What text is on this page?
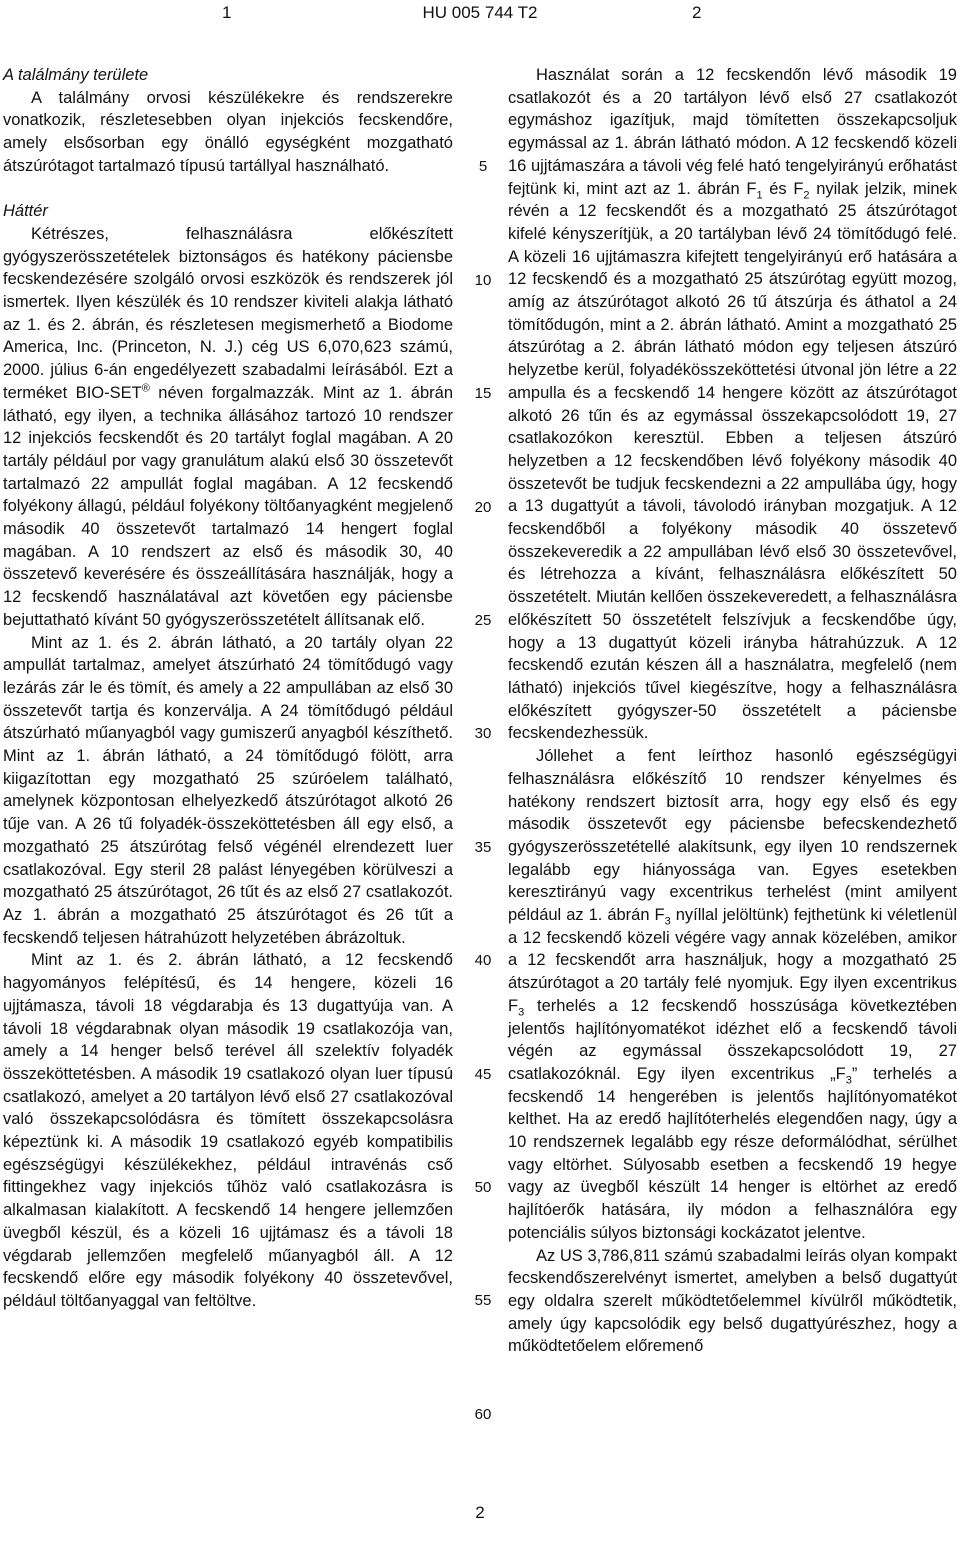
1	HU 005 744 T2	2

A találmány területe

A találmány orvosi készülékekre és rendszerekre vonatkozik, részletesebben olyan injekciós fecskendőre, amely elsősorban egy önálló egységként mozgatható átszúrótagot tartalmazó típusú tartállyal használható.

Háttér

Kétrészes, felhasználásra előkészített gyógyszerösszetételek biztonságos és hatékony páciensbe fecskendezésére szolgáló orvosi eszközök és rendszerek jól ismertek. Ilyen készülék és 10 rendszer kiviteli alakja látható az 1. és 2. ábrán, és részletesen megismerhető a Biodome America, Inc. (Princeton, N. J.) cég US 6,070,623 számú, 2000. július 6-án engedélyezett szabadalmi leírásából. Ezt a terméket BIO-SET® néven forgalmazzák. Mint az 1. ábrán látható, egy ilyen, a technika állásához tartozó 10 rendszer 12 injekciós fecskendőt és 20 tartályt foglal magában. A 20 tartály például por vagy granulátum alakú első 30 összetevőt tartalmazó 22 ampullát foglal magában. A 12 fecskendő folyékony állagú, például folyékony töltőanyagként megjelenő második 40 összetevőt tartalmazó 14 hengert foglal magában. A 10 rendszert az első és második 30, 40 összetevő keverésére és összeállítására használják, hogy a 12 fecskendő használatával azt követően egy páciensbe bejuttatható kívánt 50 gyógyszerösszetételt állítsanak elő.

Mint az 1. és 2. ábrán látható, a 20 tartály olyan 22 ampullát tartalmaz, amelyet átszúrható 24 tömítődugó vagy lezárás zár le és tömít, és amely a 22 ampullában az első 30 összetevőt tartja és konzerválja. A 24 tömítődugó például átszúrható műanyagból vagy gumiszerű anyagból készíthető. Mint az 1. ábrán látható, a 24 tömítődugó fölött, arra kiigazítottan egy mozgatható 25 szúróelem található, amelynek központosan elhelyezkedő átszúrótagot alkotó 26 tűje van. A 26 tű folyadék-összeköttetésben áll egy első, a mozgatható 25 átszúrótag felső végénél elrendezett luer csatlakozóval. Egy steril 28 palást lényegében körülveszi a mozgatható 25 átszúrótagot, 26 tűt és az első 27 csatlakozót. Az 1. ábrán a mozgatható 25 átszúrótagot és 26 tűt a fecskendő teljesen hátrahúzott helyzetében ábrázoltuk.

Mint az 1. és 2. ábrán látható, a 12 fecskendő hagyományos felépítésű, és 14 hengere, közeli 16 ujjtámasza, távoli 18 végdarabja és 13 dugattyúja van. A távoli 18 végdarabnak olyan második 19 csatlakozója van, amely a 14 henger belső terével áll szelektív folyadék összeköttetésben. A második 19 csatlakozó olyan luer típusú csatlakozó, amelyet a 20 tartályon lévő első 27 csatlakozóval való összekapcsolódásra és tömített összekapcsolásra képeztünk ki. A második 19 csatlakozó egyéb kompatibilis egészségügyi készülékekhez, például intravénás cső fittingekhez vagy injekciós tűhöz való csatlakozásra is alkalmasan kialakított. A fecskendő 14 hengere jellemzően üvegből készül, és a közeli 16 ujjtámasz és a távoli 18 végdarab jellemzően megfelelő műanyagból áll. A 12 fecskendő előre egy második folyékony 40 összetevővel, például töltőanyaggal van feltöltve.

Használat során a 12 fecskendőn lévő második 19 csatlakozót és a 20 tartályon lévő első 27 csatlakozót egymáshoz igazítjuk, majd tömítetten összekapcsoljuk egymással az 1. ábrán látható módon. A 12 fecskendő közeli 16 ujjtámaszára a távoli vég felé ható tengelyirányú erőhatást fejtünk ki, mint azt az 1. ábrán $F_1$ és $F_2$ nyilak jelzik, minek révén a 12 fecskendőt és a mozgatható 25 átszúrótagot kifelé kényszerítjük, a 20 tartályban lévő 24 tömítődugó felé. A közeli 16 ujjtámaszra kifejtett tengelyirányú erő hatására a 12 fecskendő és a mozgatható 25 átszúrótag együtt mozog, amíg az átszúrótagot alkotó 26 tű átszúrja és áthatol a 24 tömítődugón, mint a 2. ábrán látható. Amint a mozgatható 25 átszúrótag a 2. ábrán látható módon egy teljesen átszúró helyzetbe kerül, folyadékösszeköttetési útvonal jön létre a 22 ampulla és a fecskendő 14 hengere között az átszúrótagot alkotó 26 tűn és az egymással összekapcsolódott 19, 27 csatlakozókon keresztül. Ebben a teljesen átszúró helyzetben a 12 fecskendőben lévő folyékony második 40 összetevőt be tudjuk fecskendezni a 22 ampullába úgy, hogy a 13 dugattyút a távoli, távolodó irányban mozgatjuk. A 12 fecskendőből a folyékony második 40 összetevő összekeveredik a 22 ampullában lévő első 30 összetevővel, és létrehozza a kívánt, felhasználásra előkészített 50 összetételt. Miután kellően összekeveredett, a felhasználásra előkészített 50 összetételt felszívjuk a fecskendőbe úgy, hogy a 13 dugattyút közeli irányba hátrahúzzuk. A 12 fecskendő ezután készen áll a használatra, megfelelő (nem látható) injekciós tűvel kiegészítve, hogy a felhasználásra előkészített gyógyszer-50 összetételt a páciensbe fecskendezhessük.

Jóllehet a fent leírthoz hasonló egészségügyi felhasználásra előkészítő 10 rendszer kényelmes és hatékony rendszert biztosít arra, hogy egy első és egy második összetevőt egy páciensbe befecskendezhető gyógyszerösszetétellé alakítsunk, egy ilyen 10 rendszernek legalább egy hiányossága van. Egyes esetekben keresztirányú vagy excentrikus terhelést (mint amilyent például az 1. ábrán $F_3$ nyíllal jelöltünk) fejthetünk ki véletlenül a 12 fecskendő közeli végére vagy annak közelében, amikor a 12 fecskendőt arra használjuk, hogy a mozgatható 25 átszúrótagot a 20 tartály felé nyomjuk. Egy ilyen excentrikus $F_3$ terhelés a 12 fecskendő hosszúsága következtében jelentős hajlítónyomatékot idézhet elő a fecskendő távoli végén az egymással összekapcsolódott 19, 27 csatlakozóknál. Egy ilyen excentrikus $„F_3$” terhelés a fecskendő 14 hengerében is jelentős hajlítónyomatékot kelthet. Ha az eredő hajlítóterhelés elegendően nagy, úgy a 10 rendszernek legalább egy része deformálódhat, sérülhet vagy eltörhet. Súlyosabb esetben a fecskendő 19 hegye vagy az üvegből készült 14 henger is eltörhet az eredő hajlítóerők hatására, ily módon a felhasználóra egy potenciális súlyos biztonsági kockázatot jelentve.

Az US 3,786,811 számú szabadalmi leírás olyan kompakt fecskendőszerelvényt ismertet, amelyben a belső dugattyút egy oldalra szerelt működtetőelemmel kívülről működtetik, amely úgy kapcsolódik egy belső dugattyúrészhez, hogy a működtetőelem előremenő

5
10
15
20
25
30
35
40
45
50
55
60
2
